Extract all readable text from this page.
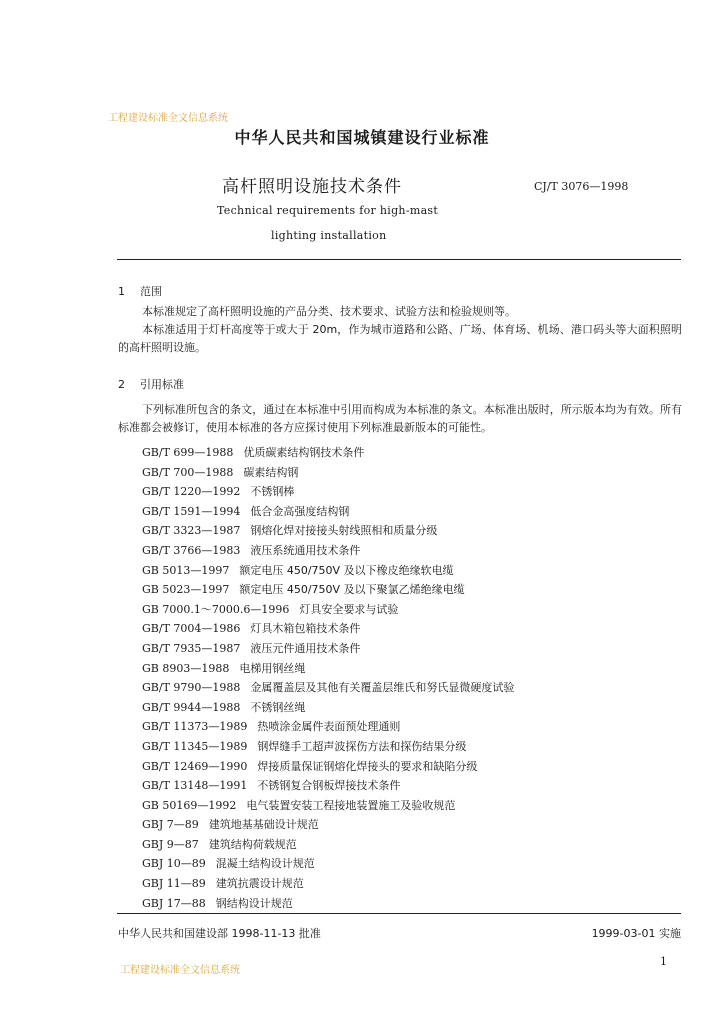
工程建设标准全文信息系统
中华人民共和国城镇建设行业标准
高杆照明设施技术条件	CJ/T 3076—1998
Technical requirements for high-mast
lighting installation
1 范围
本标准规定了高杆照明设施的产品分类、技术要求、试验方法和检验规则等。
本标准适用于灯杆高度等于或大于 20m，作为城市道路和公路、广场、体育场、机场、港口码头等大面积照明的高杆照明设施。
2 引用标准
下列标准所包含的条文，通过在本标准中引用而构成为本标准的条文。本标准出版时，所示版本均为有效。所有标准都会被修订，使用本标准的各方应探讨使用下列标准最新版本的可能性。
GB/T 699—1988 优质碳素结构钢技术条件
GB/T 700—1988 碳素结构钢
GB/T 1220—1992 不锈钢棒
GB/T 1591—1994 低合金高强度结构钢
GB/T 3323—1987 钢熔化焊对接接头射线照相和质量分级
GB/T 3766—1983 液压系统通用技术条件
GB 5013—1997 额定电压 450/750V 及以下橡皮绝缘软电缆
GB 5023—1997 额定电压 450/750V 及以下聚氯乙烯绝缘电缆
GB 7000.1～7000.6—1996 灯具安全要求与试验
GB/T 7004—1986 灯具木箱包箱技术条件
GB/T 7935—1987 液压元件通用技术条件
GB 8903—1988 电梯用钢丝绳
GB/T 9790—1988 金属覆盖层及其他有关覆盖层维氏和努氏显微硬度试验
GB/T 9944—1988 不锈钢丝绳
GB/T 11373—1989 热喷涂金属件表面预处理通则
GB/T 11345—1989 钢焊缝手工超声波探伤方法和探伤结果分级
GB/T 12469—1990 焊接质量保证钢熔化焊接头的要求和缺陷分级
GB/T 13148—1991 不锈钢复合钢板焊接技术条件
GB 50169—1992 电气装置安装工程接地装置施工及验收规范
GBJ 7—89 建筑地基基础设计规范
GBJ 9—87 建筑结构荷载规范
GBJ 10—89 混凝土结构设计规范
GBJ 11—89 建筑抗震设计规范
GBJ 17—88 钢结构设计规范
中华人民共和国建设部 1998-11-13 批准	1999-03-01 实施
工程建设标准全文信息系统
1
